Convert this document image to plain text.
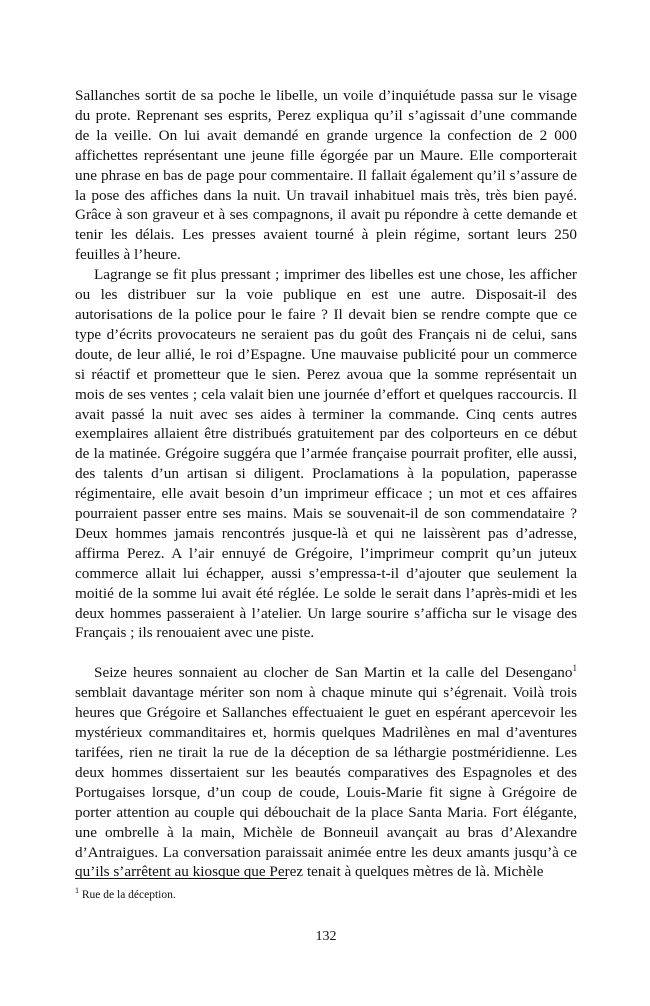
Sallanches sortit de sa poche le libelle, un voile d’inquiétude passa sur le visage du prote. Reprenant ses esprits, Perez expliqua qu’il s’agissait d’une commande de la veille. On lui avait demandé en grande urgence la confection de 2 000 affichettes représentant une jeune fille égorgée par un Maure. Elle comporterait une phrase en bas de page pour commentaire. Il fallait également qu’il s’assure de la pose des affiches dans la nuit. Un travail inhabituel mais très, très bien payé. Grâce à son graveur et à ses compagnons, il avait pu répondre à cette demande et tenir les délais. Les presses avaient tourné à plein régime, sortant leurs 250 feuilles à l’heure.

Lagrange se fit plus pressant ; imprimer des libelles est une chose, les afficher ou les distribuer sur la voie publique en est une autre. Disposait-il des autorisations de la police pour le faire ? Il devait bien se rendre compte que ce type d’écrits provocateurs ne seraient pas du goût des Français ni de celui, sans doute, de leur allié, le roi d’Espagne. Une mauvaise publicité pour un commerce si réactif et prometteur que le sien. Perez avoua que la somme représentait un mois de ses ventes ; cela valait bien une journée d’effort et quelques raccourcis. Il avait passé la nuit avec ses aides à terminer la commande. Cinq cents autres exemplaires allaient être distribués gratuitement par des colporteurs en ce début de la matinée. Grégoire suggéra que l’armée française pourrait profiter, elle aussi, des talents d’un artisan si diligent. Proclamations à la population, paperasse régimentaire, elle avait besoin d’un imprimeur efficace ; un mot et ces affaires pourraient passer entre ses mains. Mais se souvenait-il de son commendataire ? Deux hommes jamais rencontrés jusque-là et qui ne laissèrent pas d’adresse, affirma Perez. A l’air ennuyé de Grégoire, l’imprimeur comprit qu’un juteux commerce allait lui échapper, aussi s’empressa-t-il d’ajouter que seulement la moitié de la somme lui avait été réglée. Le solde le serait dans l’après-midi et les deux hommes passeraient à l’atelier. Un large sourire s’afficha sur le visage des Français ; ils renouaient avec une piste.

Seize heures sonnaient au clocher de San Martin et la calle del Desengano$^1$ semblait davantage mériter son nom à chaque minute qui s’égrenait. Voilà trois heures que Grégoire et Sallanches effectuaient le guet en espérant apercevoir les mystérieux commanditaires et, hormis quelques Madrilènes en mal d’aventures tarifées, rien ne tirait la rue de la déception de sa léthargie postméridienne. Les deux hommes dissertaient sur les beautés comparatives des Espagnoles et des Portugaises lorsque, d’un coup de coude, Louis-Marie fit signe à Grégoire de porter attention au couple qui débouchait de la place Santa Maria. Fort élégante, une ombrelle à la main, Michèle de Bonneuil avançait au bras d’Alexandre d’Antraigues. La conversation paraissait animée entre les deux amants jusqu’à ce qu’ils s’arrêtent au kiosque que Perez tenait à quelques mètres de là. Michèle

$^1$ Rue de la déception.
132
